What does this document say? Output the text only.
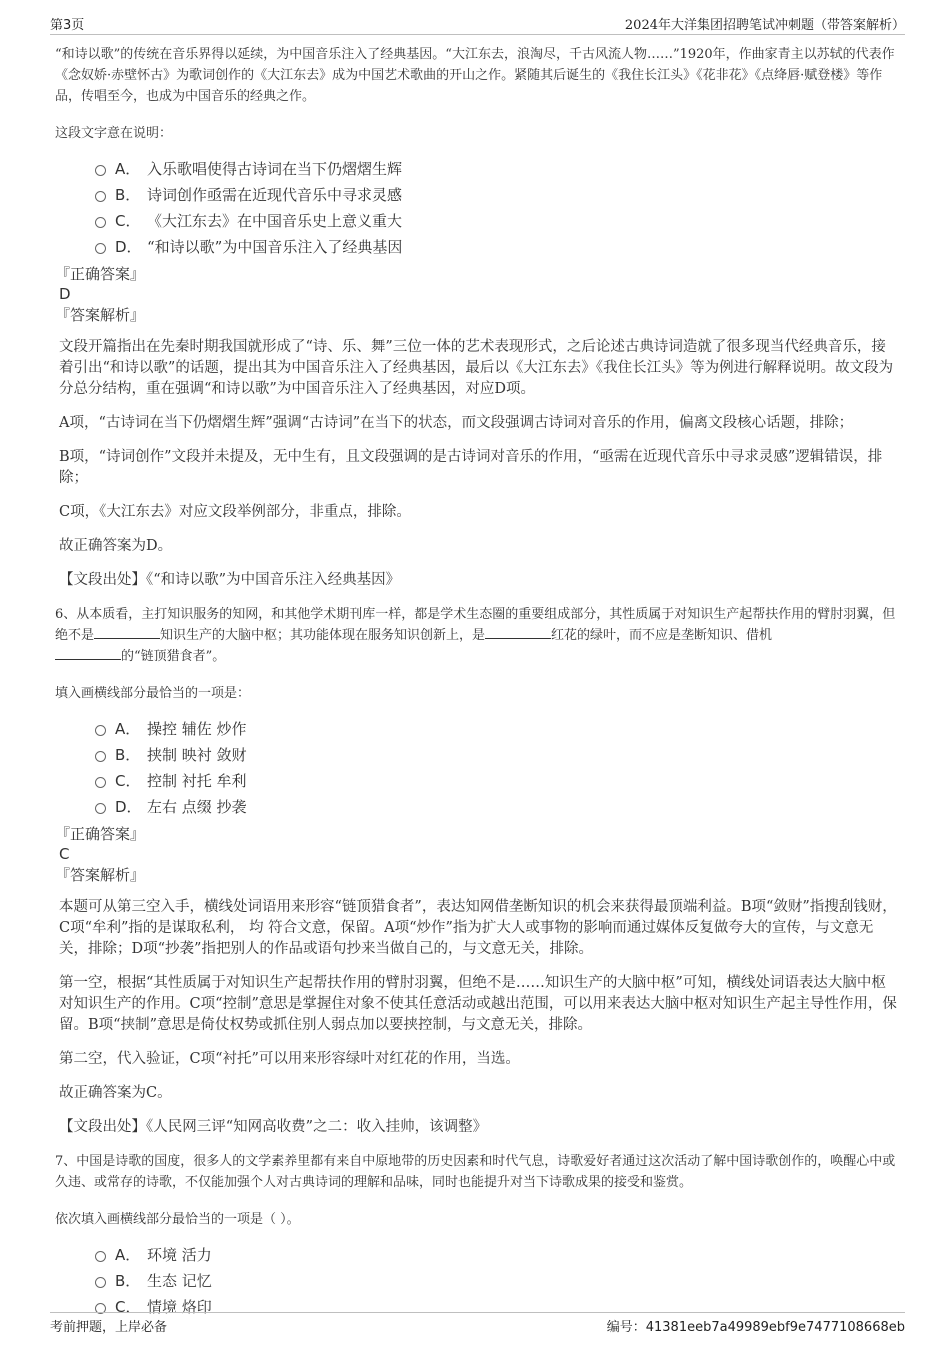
第3页	2024年大洋集团招聘笔试冲刺题（带答案解析）

“和诗以歌”的传统在音乐界得以延续，为中国音乐注入了经典基因。“大江东去，浪淘尽，千古风流人物……”1920年，作曲家青主以苏轼的代表作《念奴娇·赤壁怀古》为歌词创作的《大江东去》成为中国艺术歌曲的开山之作。紧随其后诞生的《我住长江头》《花非花》《点绛唇·赋登楼》等作品，传唱至今，也成为中国音乐的经典之作。

这段文字意在说明：

A． 入乐歌唱使得古诗词在当下仍熠熠生辉
B． 诗词创作亟需在近现代音乐中寻求灵感
C． 《大江东去》在中国音乐史上意义重大
D． “和诗以歌”为中国音乐注入了经典基因

『正确答案』

D

『答案解析』

文段开篇指出在先秦时期我国就形成了“诗、乐、舞”三位一体的艺术表现形式，之后论述古典诗词造就了很多现当代经典音乐，接着引出“和诗以歌”的话题，提出其为中国音乐注入了经典基因，最后以《大江东去》《我住长江头》等为例进行解释说明。故文段为分总分结构，重在强调“和诗以歌”为中国音乐注入了经典基因，对应D项。

A项，“古诗词在当下仍熠熠生辉”强调“古诗词”在当下的状态，而文段强调古诗词对音乐的作用，偏离文段核心话题，排除；

B项，“诗词创作”文段并未提及，无中生有，且文段强调的是古诗词对音乐的作用，“亟需在近现代音乐中寻求灵感”逻辑错误，排除；

C项，《大江东去》对应文段举例部分，非重点，排除。

故正确答案为D。

【文段出处】《“和诗以歌”为中国音乐注入经典基因》

6、从本质看，主打知识服务的知网，和其他学术期刊库一样，都是学术生态圈的重要组成部分，其性质属于对知识生产起帮扶作用的臂肘羽翼，但绝不是	知识生产的大脑中枢；其功能体现在服务知识创新上，是	红花的绿叶，而不应是垄断知识、借机
的“链顶猎食者”。

填入画横线部分最恰当的一项是：

A． 操控 辅佐 炒作
B． 挟制 映衬 敛财
C． 控制 衬托 牟利
D． 左右 点缀 抄袭

『正确答案』

C

『答案解析』

本题可从第三空入手，横线处词语用来形容“链顶猎食者”，表达知网借垄断知识的机会来获得最顶端利益。B项“敛财”指搜刮钱财，C项“牟利”指的是谋取私利， 均 符合文意，保留。A项“炒作”指为扩大人或事物的影响而通过媒体反复做夸大的宣传，与文意无关，排除；D项“抄袭”指把别人的作品或语句抄来当做自己的，与文意无关，排除。

第一空，根据“其性质属于对知识生产起帮扶作用的臂肘羽翼，但绝不是……知识生产的大脑中枢”可知，横线处词语表达大脑中枢对知识生产的作用。C项“控制”意思是掌握住对象不使其任意活动或越出范围，可以用来表达大脑中枢对知识生产起主导性作用，保留。B项“挟制”意思是倚仗权势或抓住别人弱点加以要挟控制，与文意无关，排除。

第二空，代入验证，C项“衬托”可以用来形容绿叶对红花的作用，当选。

故正确答案为C。

【文段出处】《人民网三评“知网高收费”之二：收入挂帅，该调整》

7、中国是诗歌的国度，很多人的文学素养里都有来自中原地带的历史因素和时代气息，诗歌爱好者通过这次活动了解中国诗歌创作的，唤醒心中或久违、或常存的诗歌，不仅能加强个人对古典诗词的理解和品味，同时也能提升对当下诗歌成果的接受和鉴赏。

依次填入画横线部分最恰当的一项是（ ）。

A． 环境 活力
B． 生态 记忆
C． 情境 烙印
考前押题，上岸必备	编号：41381eeb7a49989ebf9e7477108668eb
